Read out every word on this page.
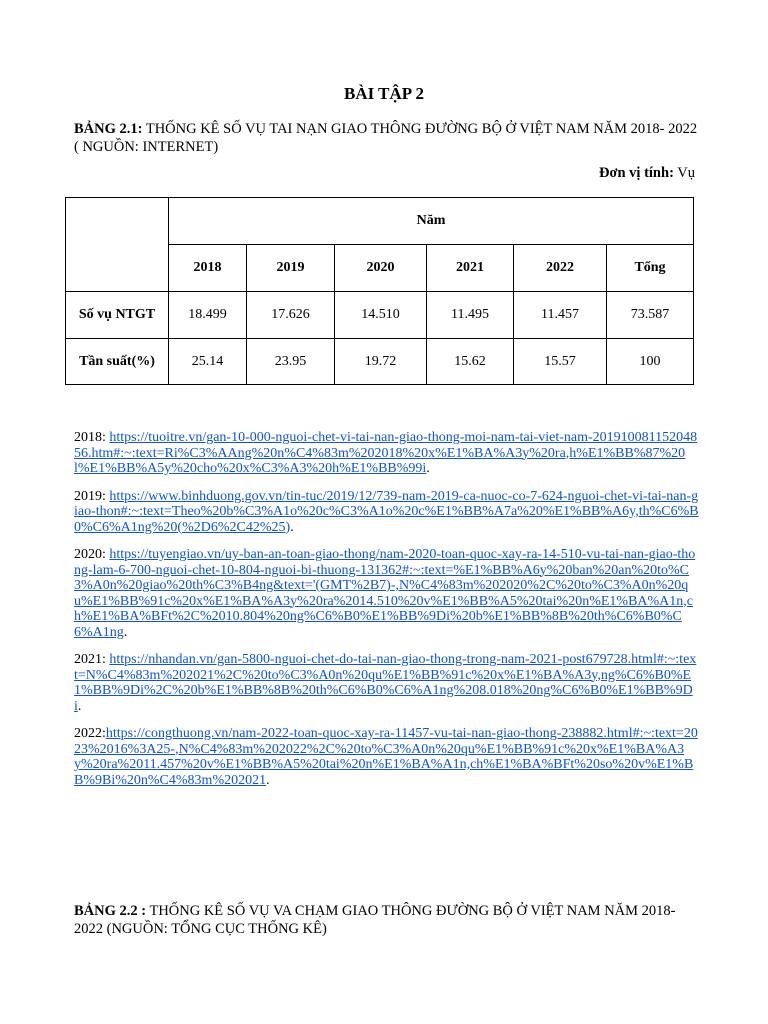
BÀI TẬP 2
BẢNG 2.1: THỐNG KÊ SỐ VỤ TAI NẠN GIAO THÔNG ĐƯỜNG BỘ Ở VIỆT NAM NĂM 2018- 2022 ( NGUỒN: INTERNET)
Đơn vị tính: Vụ
	Năm					
	2018	2019	2020	2021	2022	Tổng
Số vụ NTGT	18.499	17.626	14.510	11.495	11.457	73.587
Tần suất(%)	25.14	23.95	19.72	15.62	15.57	100

2018: https://tuoitre.vn/gan-10-000-nguoi-chet-vi-tai-nan-giao-thong-moi-nam-tai-viet-nam-20191008115204856.htm#:~:text=Ri%C3%AAng%20n%C4%83m%202018%20x%E1%BA%A3y%20ra,h%E1%BB%87%20l%E1%BB%A5y%20cho%20x%C3%A3%20h%E1%BB%99i.

2019: https://www.binhduong.gov.vn/tin-tuc/2019/12/739-nam-2019-ca-nuoc-co-7-624-nguoi-chet-vi-tai-nan-giao-thon#:~:text=Theo%20b%C3%A1o%20c%C3%A1o%20c%E1%BB%A7a%20%E1%BB%A6y,th%C6%B0%C6%A1ng%20(%2D6%2C42%25).

2020: https://tuyengiao.vn/uy-ban-an-toan-giao-thong/nam-2020-toan-quoc-xay-ra-14-510-vu-tai-nan-giao-thong-lam-6-700-nguoi-chet-10-804-nguoi-bi-thuong-131362#:~:text=%E1%BB%A6y%20ban%20an%20to%C3%A0n%20giao%20th%C3%B4ng&text='(GMT%2B7)-,N%C4%83m%202020%2C%20to%C3%A0n%20qu%E1%BB%91c%20x%E1%BA%A3y%20ra%2014.510%20v%E1%BB%A5%20tai%20n%E1%BA%A1n,ch%E1%BA%BFt%2C%2010.804%20ng%C6%B0%E1%BB%9Di%20b%E1%BB%8B%20th%C6%B0%C6%A1ng.

2021: https://nhandan.vn/gan-5800-nguoi-chet-do-tai-nan-giao-thong-trong-nam-2021-post679728.html#:~:text=N%C4%83m%202021%2C%20to%C3%A0n%20qu%E1%BB%91c%20x%E1%BA%A3y,ng%C6%B0%E1%BB%9Di%2C%20b%E1%BB%8B%20th%C6%B0%C6%A1ng%208.018%20ng%C6%B0%E1%BB%9Di.

2022:https://congthuong.vn/nam-2022-toan-quoc-xay-ra-11457-vu-tai-nan-giao-thong-238882.html#:~:text=2023%2016%3A25-,N%C4%83m%202022%2C%20to%C3%A0n%20qu%E1%BB%91c%20x%E1%BA%A3y%20ra%2011.457%20v%E1%BB%A5%20tai%20n%E1%BA%A1n,ch%E1%BA%BFt%20so%20v%E1%BB%9Bi%20n%C4%83m%202021.

BẢNG 2.2 : THỐNG KÊ SỐ VỤ VA CHẠM GIAO THÔNG ĐƯỜNG BỘ Ở VIỆT NAM NĂM 2018- 2022 (NGUỒN: TỔNG CỤC THỐNG KÊ)
